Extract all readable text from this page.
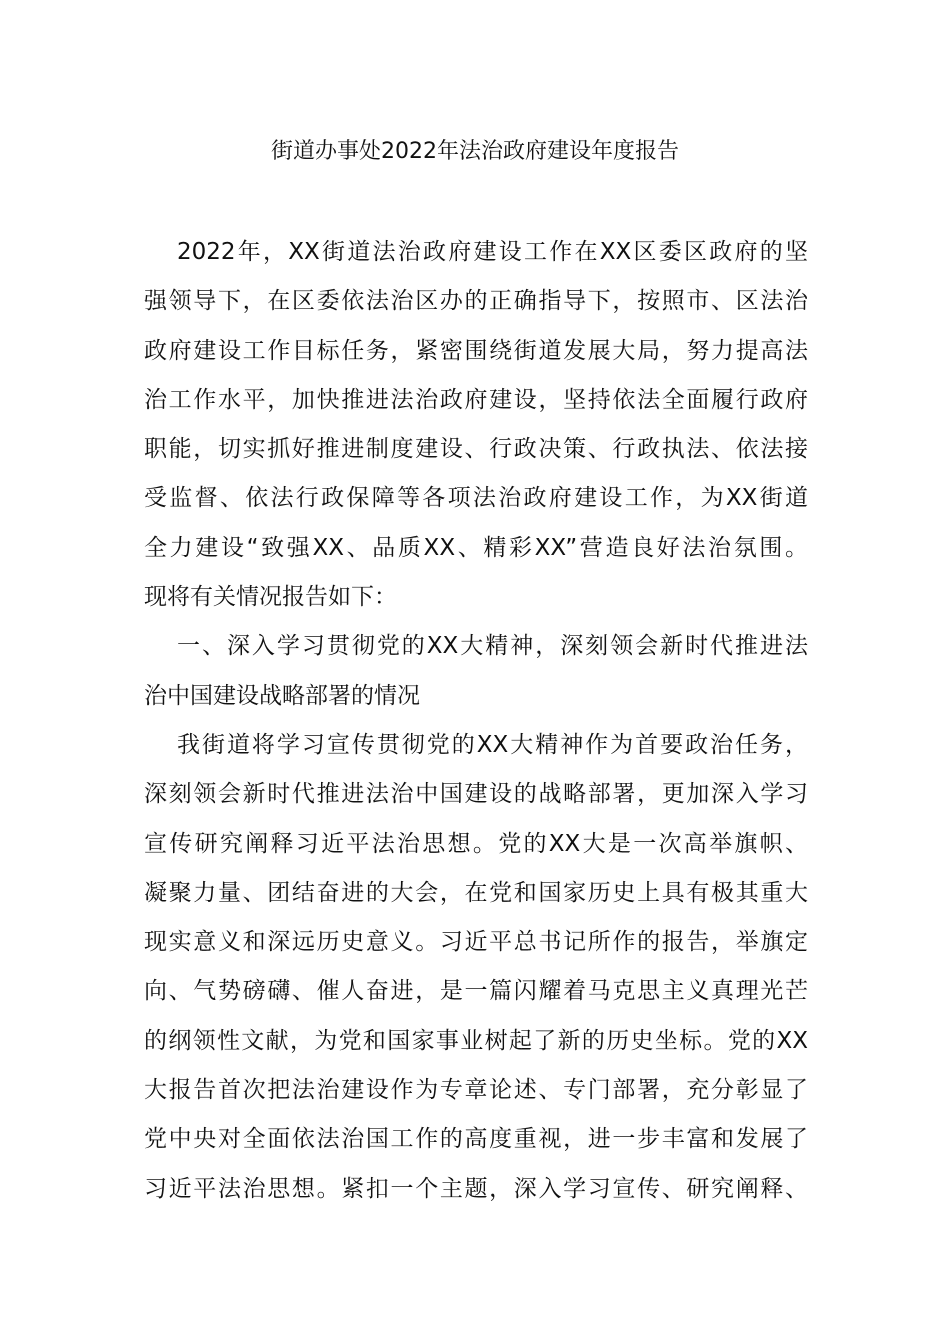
街道办事处2022年法治政府建设年度报告
2022年，XX街道法治政府建设工作在XX区委区政府的坚
强领导下，在区委依法治区办的正确指导下，按照市、区法治
政府建设工作目标任务，紧密围绕街道发展大局，努力提高法
治工作水平，加快推进法治政府建设，坚持依法全面履行政府
职能，切实抓好推进制度建设、行政决策、行政执法、依法接
受监督、依法行政保障等各项法治政府建设工作，为XX街道
全力建设“致强XX、品质XX、精彩XX”营造良好法治氛围。
现将有关情况报告如下：
一、深入学习贯彻党的XX大精神，深刻领会新时代推进法
治中国建设战略部署的情况
我街道将学习宣传贯彻党的XX大精神作为首要政治任务，
深刻领会新时代推进法治中国建设的战略部署，更加深入学习
宣传研究阐释习近平法治思想。党的XX大是一次高举旗帜、
凝聚力量、团结奋进的大会，在党和国家历史上具有极其重大
现实意义和深远历史意义。习近平总书记所作的报告，举旗定
向、气势磅礴、催人奋进，是一篇闪耀着马克思主义真理光芒
的纲领性文献，为党和国家事业树起了新的历史坐标。党的XX
大报告首次把法治建设作为专章论述、专门部署，充分彰显了
党中央对全面依法治国工作的高度重视，进一步丰富和发展了
习近平法治思想。紧扣一个主题，深入学习宣传、研究阐释、
